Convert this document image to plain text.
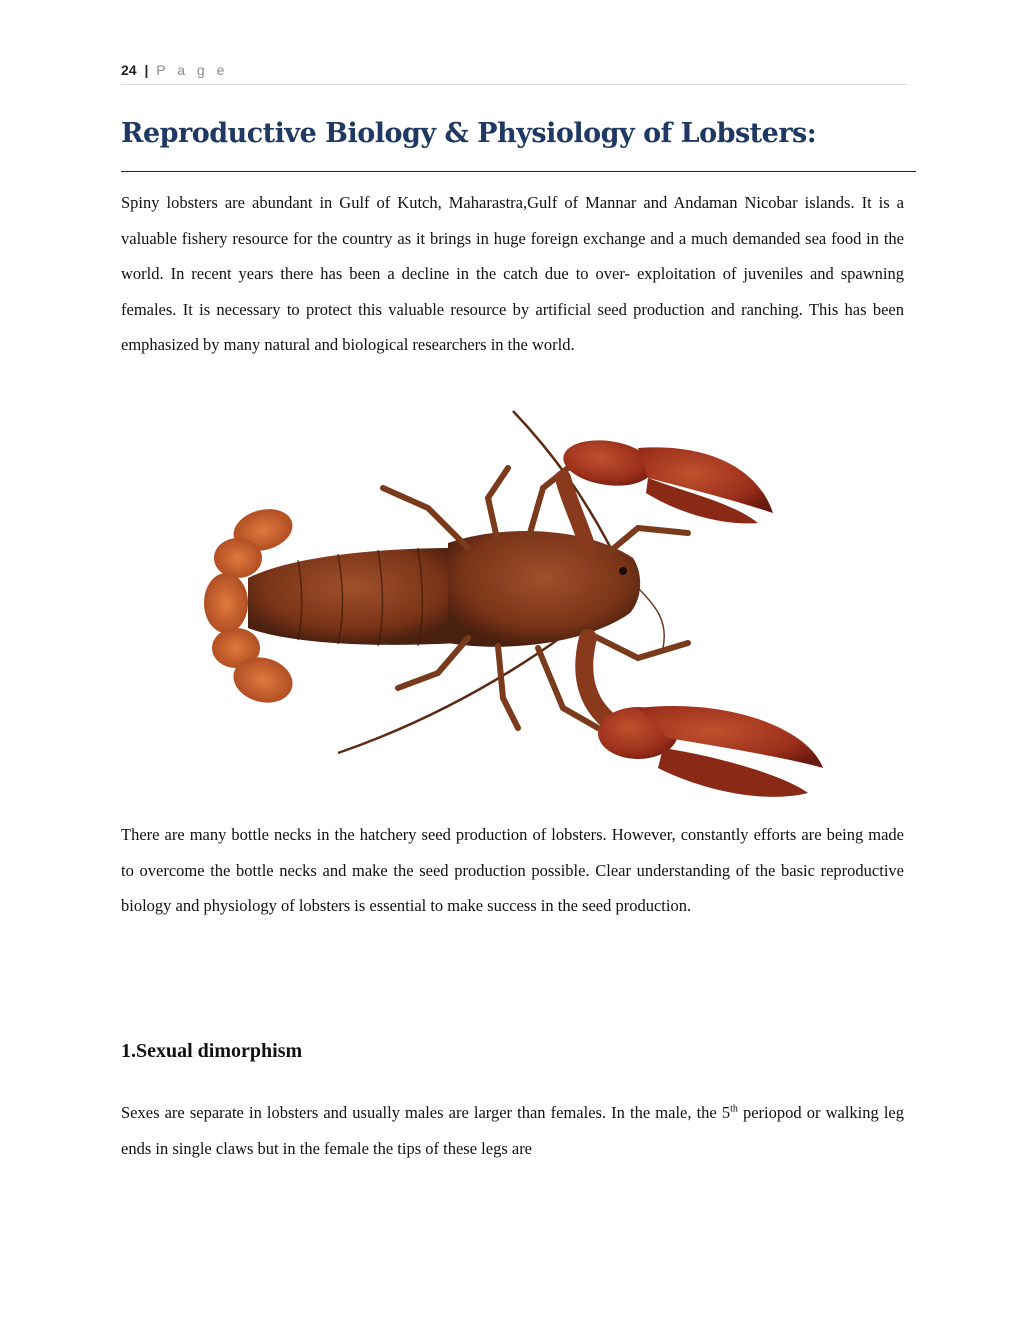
24 | P a g e
Reproductive Biology & Physiology of Lobsters:

Spiny lobsters are abundant in Gulf of Kutch, Maharastra,Gulf of Mannar and Andaman Nicobar islands. It is a valuable fishery resource for the country as it brings in huge foreign exchange and a much demanded sea food in the world. In recent years there has been a decline in the catch due to over- exploitation of juveniles and spawning females. It is necessary to protect this valuable resource by artificial seed production and ranching. This has been emphasized by many natural and biological researchers in the world.

There are many bottle necks in the hatchery seed production of lobsters. However, constantly efforts are being made to overcome the bottle necks and make the seed production possible. Clear understanding of the basic reproductive biology and physiology of lobsters is essential to make success in the seed production.

1.Sexual dimorphism

Sexes are separate in lobsters and usually males are larger than females. In the male, the 5th periopod or walking leg ends in single claws but in the female the tips of these legs are
